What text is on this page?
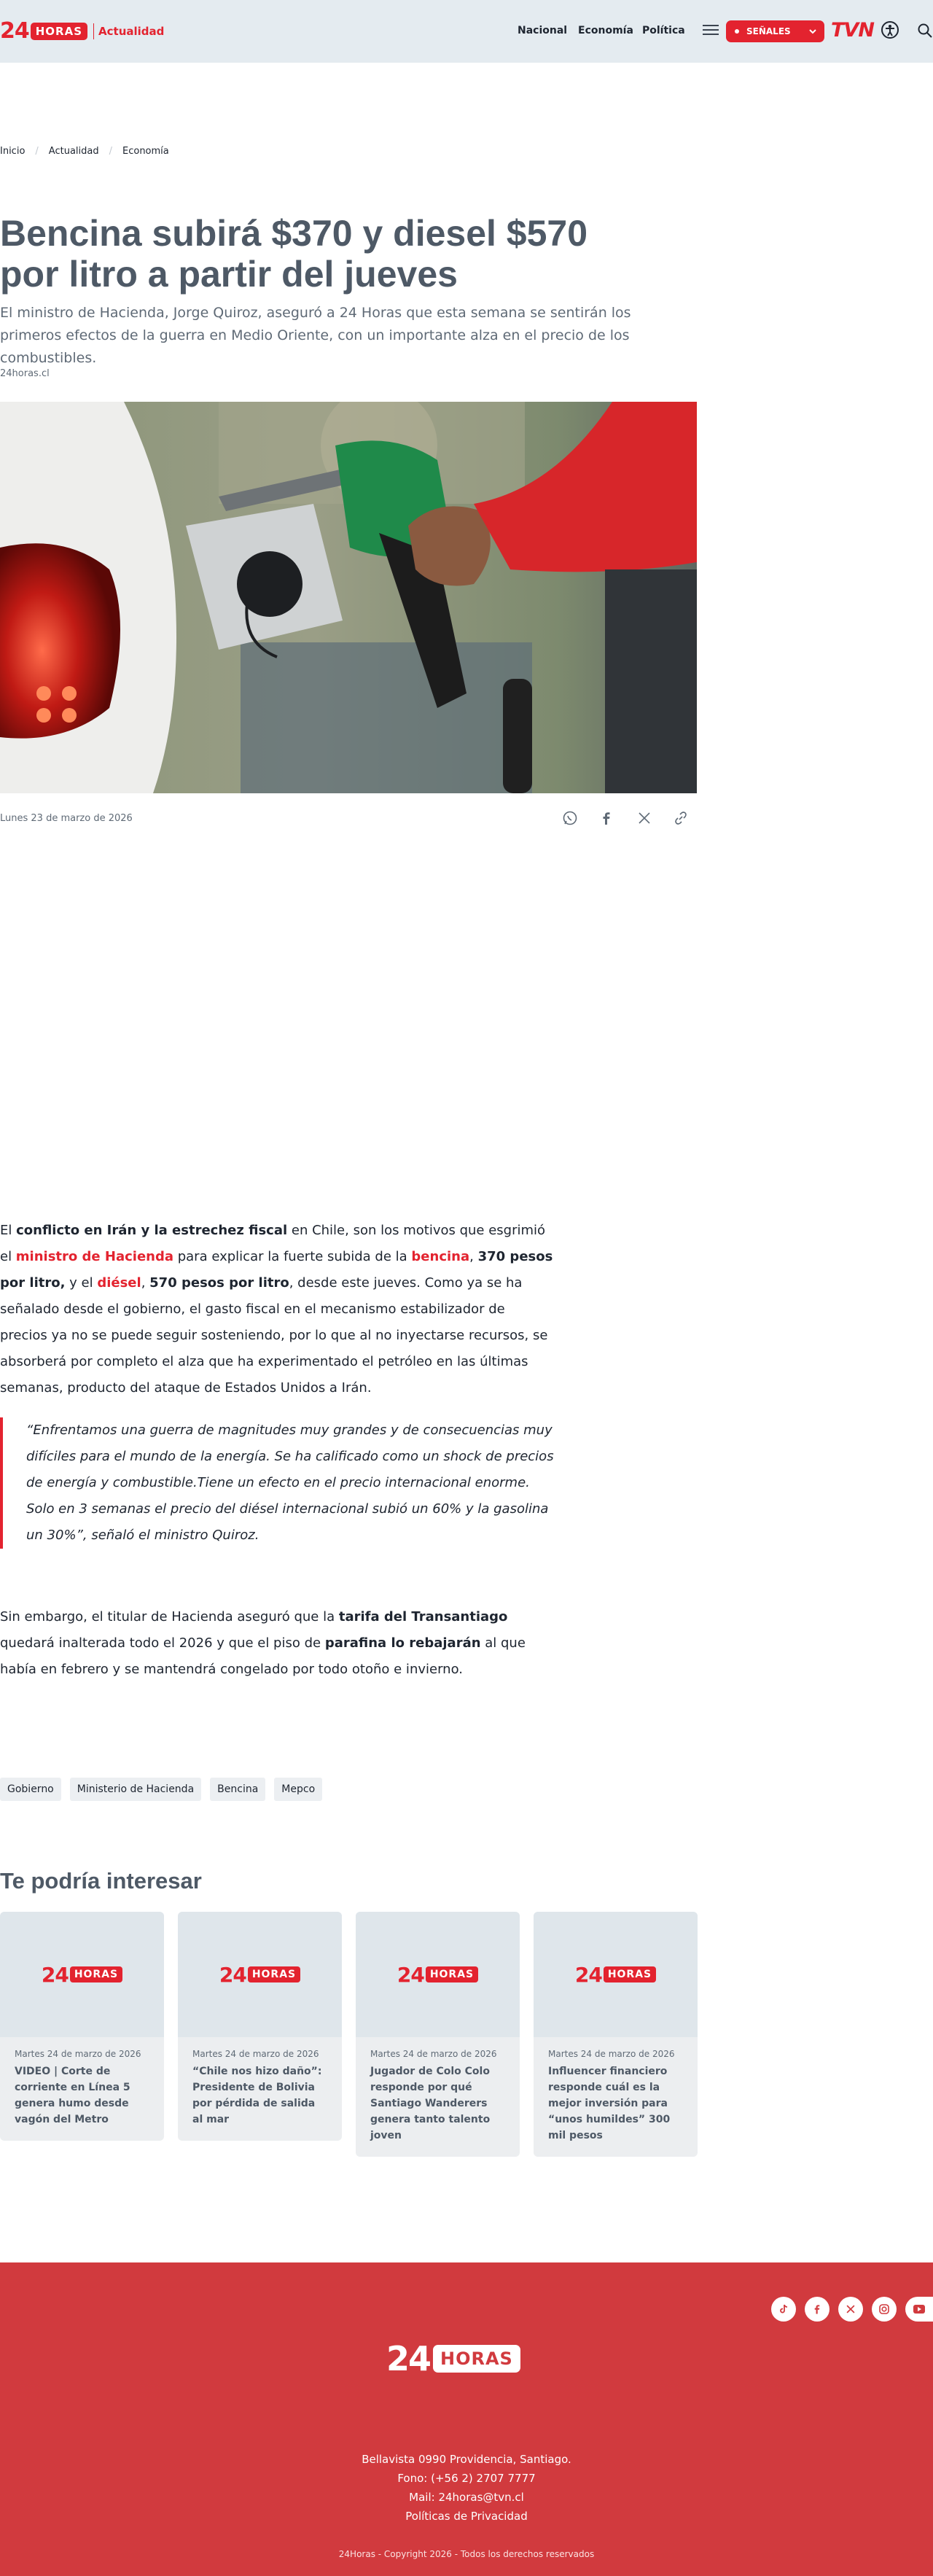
24 HORAS	Actualidad	Nacional Economía Política	SEÑALES	TVN
Inicio / Actualidad / Economía
Bencina subirá $370 y diesel $570 por litro a partir del jueves

El ministro de Hacienda, Jorge Quiroz, aseguró a 24 Horas que esta semana se sentirán los primeros efectos de la guerra en Medio Oriente, con un importante alza en el precio de los combustibles.

24horas.cl
Lunes 23 de marzo de 2026

El conflicto en Irán y la estrechez fiscal en Chile, son los motivos que esgrimió el ministro de Hacienda para explicar la fuerte subida de la bencina, 370 pesos por litro, y el diésel, 570 pesos por litro, desde este jueves. Como ya se ha señalado desde el gobierno, el gasto fiscal en el mecanismo estabilizador de precios ya no se puede seguir sosteniendo, por lo que al no inyectarse recursos, se absorberá por completo el alza que ha experimentado el petróleo en las últimas semanas, producto del ataque de Estados Unidos a Irán.

“Enfrentamos una guerra de magnitudes muy grandes y de consecuencias muy difíciles para el mundo de la energía. Se ha calificado como un shock de precios de energía y combustible.Tiene un efecto en el precio internacional enorme. Solo en 3 semanas el precio del diésel internacional subió un 60% y la gasolina un 30%”, señaló el ministro Quiroz.

Sin embargo, el titular de Hacienda aseguró que la tarifa del Transantiago quedará inalterada todo el 2026 y que el piso de parafina lo rebajarán al que había en febrero y se mantendrá congelado por todo otoño e invierno.

Gobierno	Ministerio de Hacienda	Bencina	Mepco
Te podría interesar
24 HORAS
Martes 24 de marzo de 2026
VIDEO | Corte de corriente en Línea 5 genera humo desde vagón del Metro
24 HORAS
Martes 24 de marzo de 2026
“Chile nos hizo daño”: Presidente de Bolivia por pérdida de salida al mar
24 HORAS
Martes 24 de marzo de 2026
Jugador de Colo Colo responde por qué Santiago Wanderers genera tanto talento joven
24 HORAS
Martes 24 de marzo de 2026
Influencer financiero responde cuál es la mejor inversión para “unos humildes” 300 mil pesos
24 HORAS
Bellavista 0990 Providencia, Santiago.
Fono: (+56 2) 2707 7777
Mail: 24horas@tvn.cl
Políticas de Privacidad
24Horas - Copyright 2026 - Todos los derechos reservados
